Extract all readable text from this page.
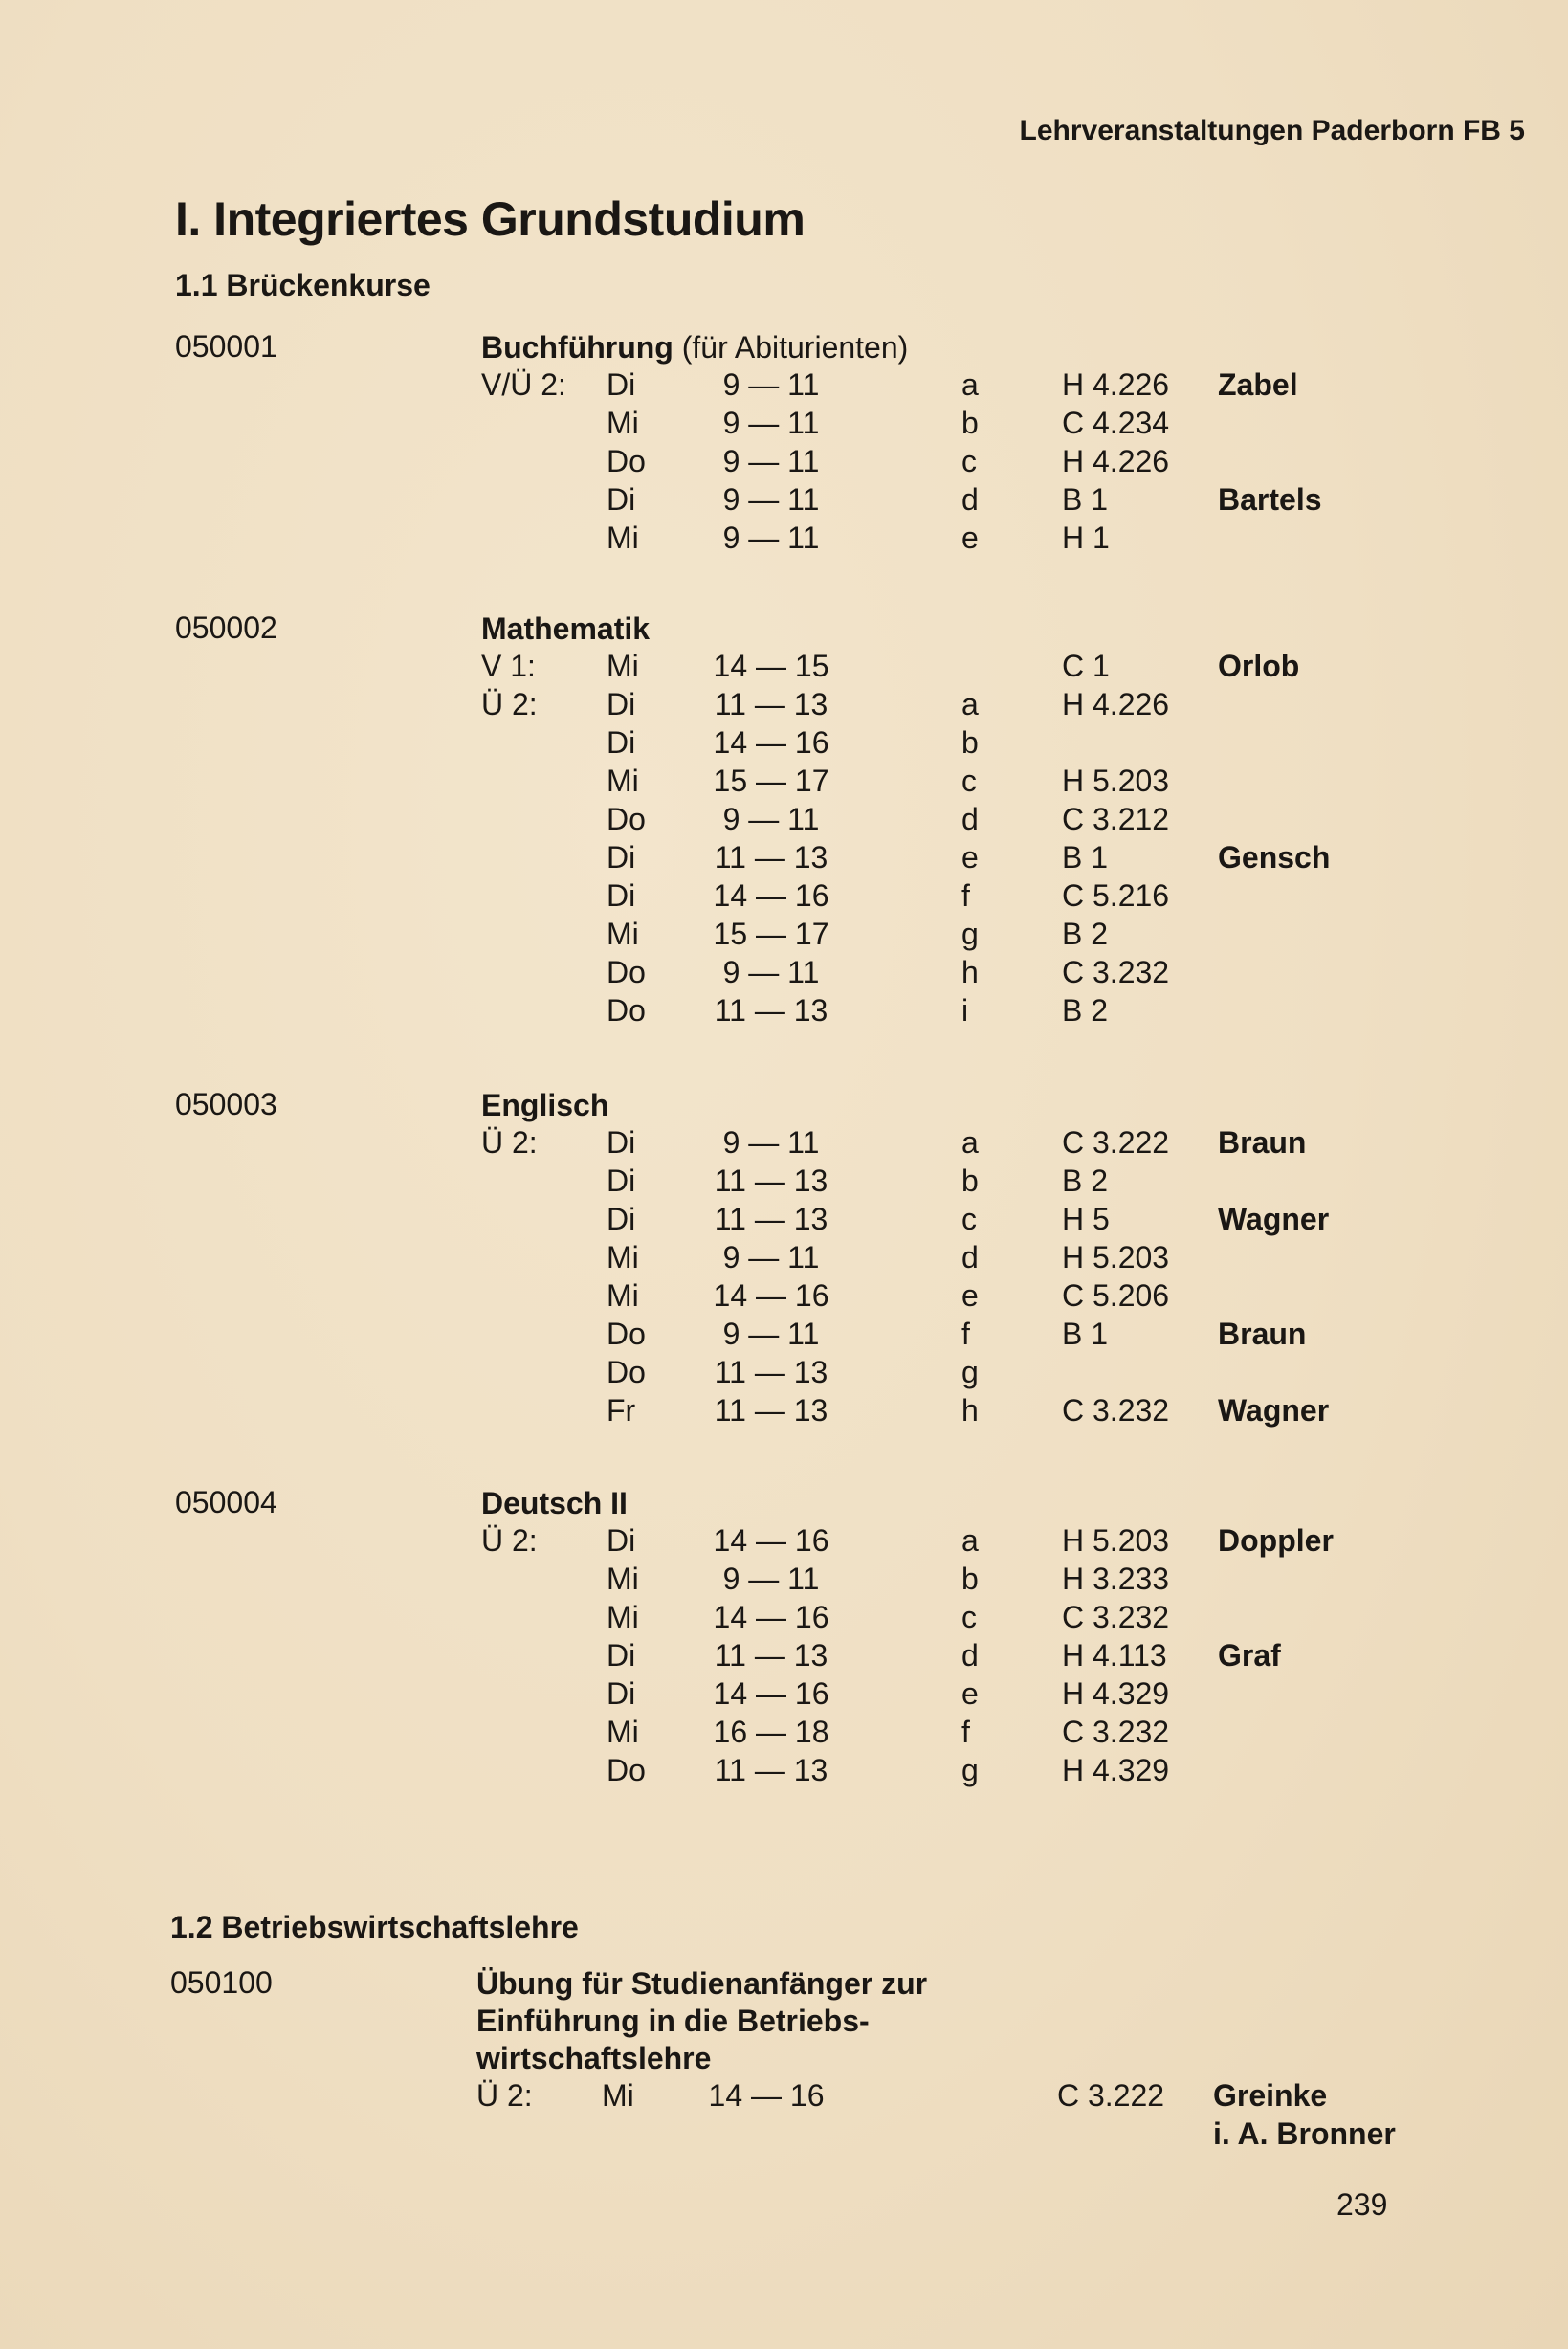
Lehrveranstaltungen Paderborn FB 5
I. Integriertes Grundstudium
1.1 Brückenkurse
050001	Buchführung (für Abiturienten)
V/Ü 2: Di	9 — 11	a	H 4.226 Zabel
Mi	9 — 11	b	C 4.234
Do	9 — 11	c	H 4.226
Di	9 — 11	d	B 1	Bartels
Mi	9 — 11	e	H 1
050002	Mathematik
V 1: Mi 14 — 15	C 1	Orlob
Ü 2: Di	11 — 13	a	H 4.226
Di	14 — 16	b
Mi 15 — 17	c	H 5.203
Do	9 — 11	d	C 3.212
Di	11 — 13	e	B 1	Gensch
Di	14 — 16	f	C 5.216
Mi 15 — 17	g	B 2
Do	9 — 11	h	C 3.232
Do 11 — 13	i	B 2
050003	Englisch
Ü 2: Di	9 — 11	a	C 3.222 Braun
Di	11 — 13	b	B 2
Di	11 — 13	c	H 5	Wagner
Mi	9 — 11	d	H 5.203
Mi 14 — 16	e	C 5.206
Do	9 — 11	f	B 1	Braun
Do 11 — 13	g
Fr	11 — 13	h	C 3.232 Wagner
050004	Deutsch II
Ü 2: Di	14 — 16	a	H 5.203 Doppler
Mi	9 — 11	b	H 3.233
Mi 14 — 16	c	C 3.232
Di	11 — 13	d	H 4.113 Graf
Di	14 — 16	e	H 4.329
Mi 16 — 18	f	C 3.232
Do 11 — 13	g	H 4.329
1.2 Betriebswirtschaftslehre
050100	Übung für Studienanfänger zur
Einführung in die Betriebs-
wirtschaftslehre
Ü 2: Mi 14 — 16	C 3.222 Greinke
i. A. Bronner
239
